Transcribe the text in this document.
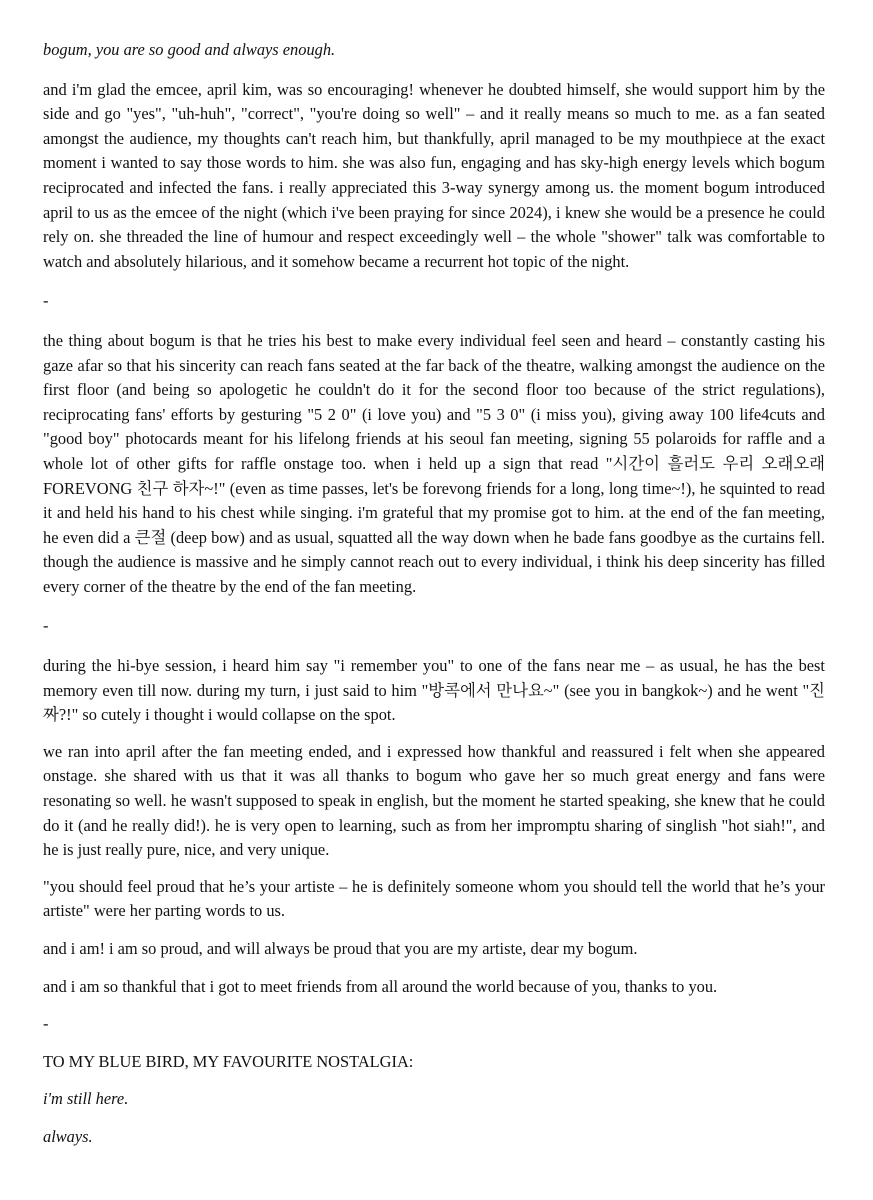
bogum, you are so good and always enough.

and i'm glad the emcee, april kim, was so encouraging! whenever he doubted himself, she would support him by the side and go "yes", "uh-huh", "correct", "you're doing so well" – and it really means so much to me. as a fan seated amongst the audience, my thoughts can't reach him, but thankfully, april managed to be my mouthpiece at the exact moment i wanted to say those words to him. she was also fun, engaging and has sky-high energy levels which bogum reciprocated and infected the fans. i really appreciated this 3-way synergy among us. the moment bogum introduced april to us as the emcee of the night (which i've been praying for since 2024), i knew she would be a presence he could rely on. she threaded the line of humour and respect exceedingly well – the whole "shower" talk was comfortable to watch and absolutely hilarious, and it somehow became a recurrent hot topic of the night.

-

the thing about bogum is that he tries his best to make every individual feel seen and heard – constantly casting his gaze afar so that his sincerity can reach fans seated at the far back of the theatre, walking amongst the audience on the first floor (and being so apologetic he couldn't do it for the second floor too because of the strict regulations), reciprocating fans' efforts by gesturing "5 2 0" (i love you) and "5 3 0" (i miss you), giving away 100 life4cuts and "good boy" photocards meant for his lifelong friends at his seoul fan meeting, signing 55 polaroids for raffle and a whole lot of other gifts for raffle onstage too. when i held up a sign that read "시간이 흘러도 우리 오래오래 FOREVONG 친구 하자~!" (even as time passes, let's be forevong friends for a long, long time~!), he squinted to read it and held his hand to his chest while singing. i'm grateful that my promise got to him. at the end of the fan meeting, he even did a 큰절 (deep bow) and as usual, squatted all the way down when he bade fans goodbye as the curtains fell. though the audience is massive and he simply cannot reach out to every individual, i think his deep sincerity has filled every corner of the theatre by the end of the fan meeting.

-

during the hi-bye session, i heard him say "i remember you" to one of the fans near me – as usual, he has the best memory even till now. during my turn, i just said to him "방콕에서 만나요~" (see you in bangkok~) and he went "진짜?!" so cutely i thought i would collapse on the spot.

we ran into april after the fan meeting ended, and i expressed how thankful and reassured i felt when she appeared onstage. she shared with us that it was all thanks to bogum who gave her so much great energy and fans were resonating so well. he wasn't supposed to speak in english, but the moment he started speaking, she knew that he could do it (and he really did!). he is very open to learning, such as from her impromptu sharing of singlish "hot siah!", and he is just really pure, nice, and very unique.

"you should feel proud that he’s your artiste – he is definitely someone whom you should tell the world that he’s your artiste" were her parting words to us.

and i am! i am so proud, and will always be proud that you are my artiste, dear my bogum.

and i am so thankful that i got to meet friends from all around the world because of you, thanks to you.

-

TO MY BLUE BIRD, MY FAVOURITE NOSTALGIA:

i'm still here.

always.
